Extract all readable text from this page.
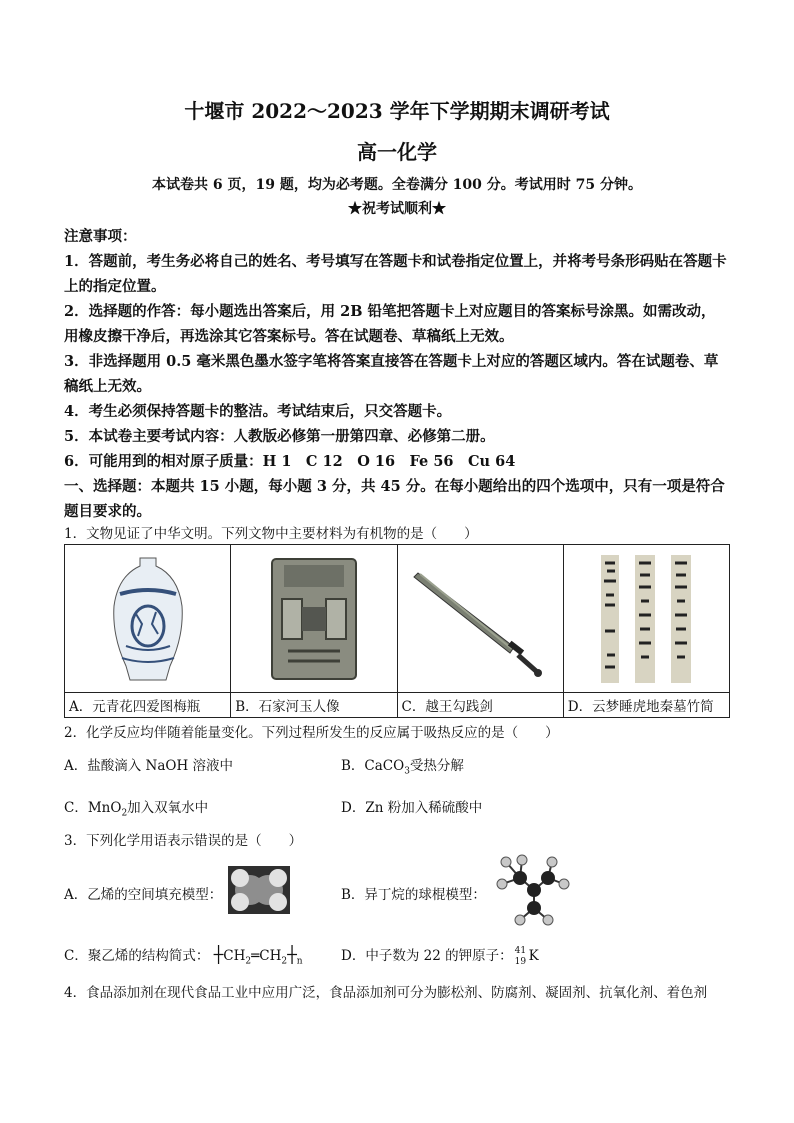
十堰市 2022～2023 学年下学期期末调研考试
高一化学
本试卷共 6 页，19 题，均为必考题。全卷满分 100 分。考试用时 75 分钟。
★祝考试顺利★

注意事项：

1．答题前，考生务必将自己的姓名、考号填写在答题卡和试卷指定位置上，并将考号条形码贴在答题卡上的指定位置。

2．选择题的作答：每小题选出答案后，用 2B 铅笔把答题卡上对应题目的答案标号涂黑。如需改动，用橡皮擦干净后，再选涂其它答案标号。答在试题卷、草稿纸上无效。

3．非选择题用 0.5 毫米黑色墨水签字笔将答案直接答在答题卡上对应的答题区域内。答在试题卷、草稿纸上无效。

4．考生必须保持答题卡的整洁。考试结束后，只交答题卡。

5．本试卷主要考试内容：人教版必修第一册第四章、必修第二册。

6．可能用到的相对原子质量：H 1　C 12　O 16　Fe 56　Cu 64

一、选择题：本题共 15 小题，每小题 3 分，共 45 分。在每小题给出的四个选项中，只有一项是符合题目要求的。

1．文物见证了中华文明。下列文物中主要材料为有机物的是（　　）

A．元青花四爱图梅瓶	B．石家河玉人像	C．越王勾践剑	D．云梦睡虎地秦墓竹简
2．化学反应均伴随着能量变化。下列过程所发生的反应属于吸热反应的是（　　）
A．盐酸滴入 NaOH 溶液中	B．CaCO$_3$受热分解
C．MnO$_2$加入双氧水中	D．Zn 粉加入稀硫酸中
3．下列化学用语表示错误的是（　　）
A．乙烯的空间填充模型：	B．异丁烷的球棍模型：
C．聚乙烯的结构简式： $┼CH_2═CH_2┼_n$	D．中子数为 22 的钾原子： 41
19 K
4．食品添加剂在现代食品工业中应用广泛，食品添加剂可分为膨松剂、防腐剂、凝固剂、抗氧化剂、着色剂
